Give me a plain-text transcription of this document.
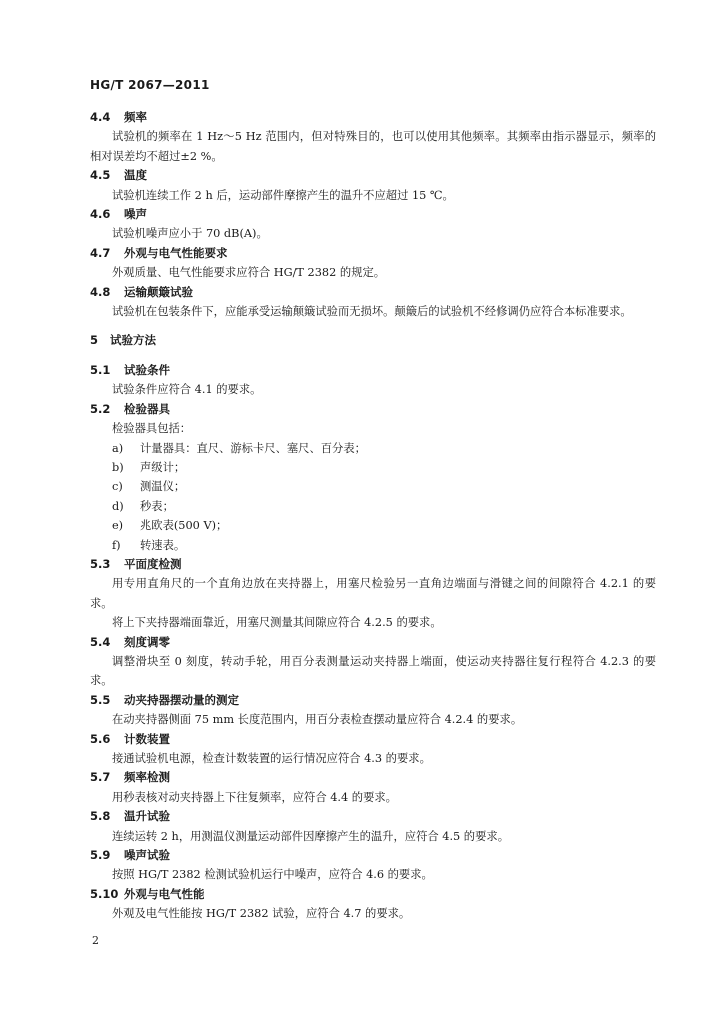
HG/T 2067—2011

4.4 频率

试验机的频率在 1 Hz～5 Hz 范围内，但对特殊目的，也可以使用其他频率。其频率由指示器显示，频率的相对误差均不超过±2 %。

4.5 温度

试验机连续工作 2 h 后，运动部件摩擦产生的温升不应超过 15 ℃。

4.6 噪声

试验机噪声应小于 70 dB(A)。

4.7 外观与电气性能要求

外观质量、电气性能要求应符合 HG/T 2382 的规定。

4.8 运输颠簸试验

试验机在包装条件下，应能承受运输颠簸试验而无损坏。颠簸后的试验机不经修调仍应符合本标准要求。

5 试验方法

5.1 试验条件

试验条件应符合 4.1 的要求。

5.2 检验器具

检验器具包括：

a) 计量器具：直尺、游标卡尺、塞尺、百分表；

b) 声级计；

c) 测温仪；

d) 秒表；

e) 兆欧表(500 V)；

f) 转速表。

5.3 平面度检测

用专用直角尺的一个直角边放在夹持器上，用塞尺检验另一直角边端面与滑键之间的间隙符合 4.2.1 的要求。

将上下夹持器端面靠近，用塞尺测量其间隙应符合 4.2.5 的要求。

5.4 刻度调零

调整滑块至 0 刻度，转动手轮，用百分表测量运动夹持器上端面，使运动夹持器往复行程符合 4.2.3 的要求。

5.5 动夹持器摆动量的测定

在动夹持器侧面 75 mm 长度范围内，用百分表检查摆动量应符合 4.2.4 的要求。

5.6 计数装置

接通试验机电源，检查计数装置的运行情况应符合 4.3 的要求。

5.7 频率检测

用秒表核对动夹持器上下往复频率，应符合 4.4 的要求。

5.8 温升试验

连续运转 2 h，用测温仪测量运动部件因摩擦产生的温升，应符合 4.5 的要求。

5.9 噪声试验

按照 HG/T 2382 检测试验机运行中噪声，应符合 4.6 的要求。

5.10 外观与电气性能

外观及电气性能按 HG/T 2382 试验，应符合 4.7 的要求。

2
